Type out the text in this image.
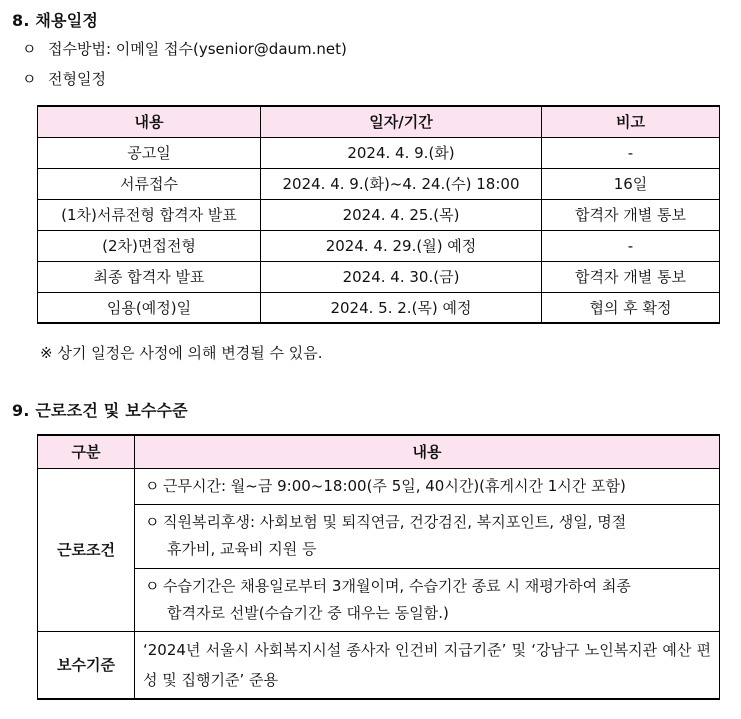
8. 채용일정
ㅇ 접수방법: 이메일 접수(ysenior@daum.net)
ㅇ 전형일정
내용	일자/기간	비고
공고일	2024. 4. 9.(화)	-
서류접수	2024. 4. 9.(화)~4. 24.(수) 18:00	16일
(1차)서류전형 합격자 발표	2024. 4. 25.(목)	합격자 개별 통보
(2차)면접전형	2024. 4. 29.(월) 예정	-
최종 합격자 발표	2024. 4. 30.(금)	합격자 개별 통보
임용(예정)일	2024. 5. 2.(목) 예정	협의 후 확정
※ 상기 일정은 사정에 의해 변경될 수 있음.
9. 근로조건 및 보수수준
구분	내용
근로조건	ㅇ 근무시간: 월~금 9:00~18:00(주 5일, 40시간)(휴게시간 1시간 포함)
	ㅇ 직원복리후생: 사회보험 및 퇴직연금, 건강검진, 복지포인트, 생일, 명절
휴가비, 교육비 지원 등

	ㅇ 수습기간은 채용일로부터 3개월이며, 수습기간 종료 시 재평가하여 최종
합격자로 선발(수습기간 중 대우는 동일함.)

보수기준	‘2024년 서울시 사회복지시설 종사자 인건비 지급기준’ 및 ‘강남구 노인복지관 예산 편성 및 집행기준’ 준용
